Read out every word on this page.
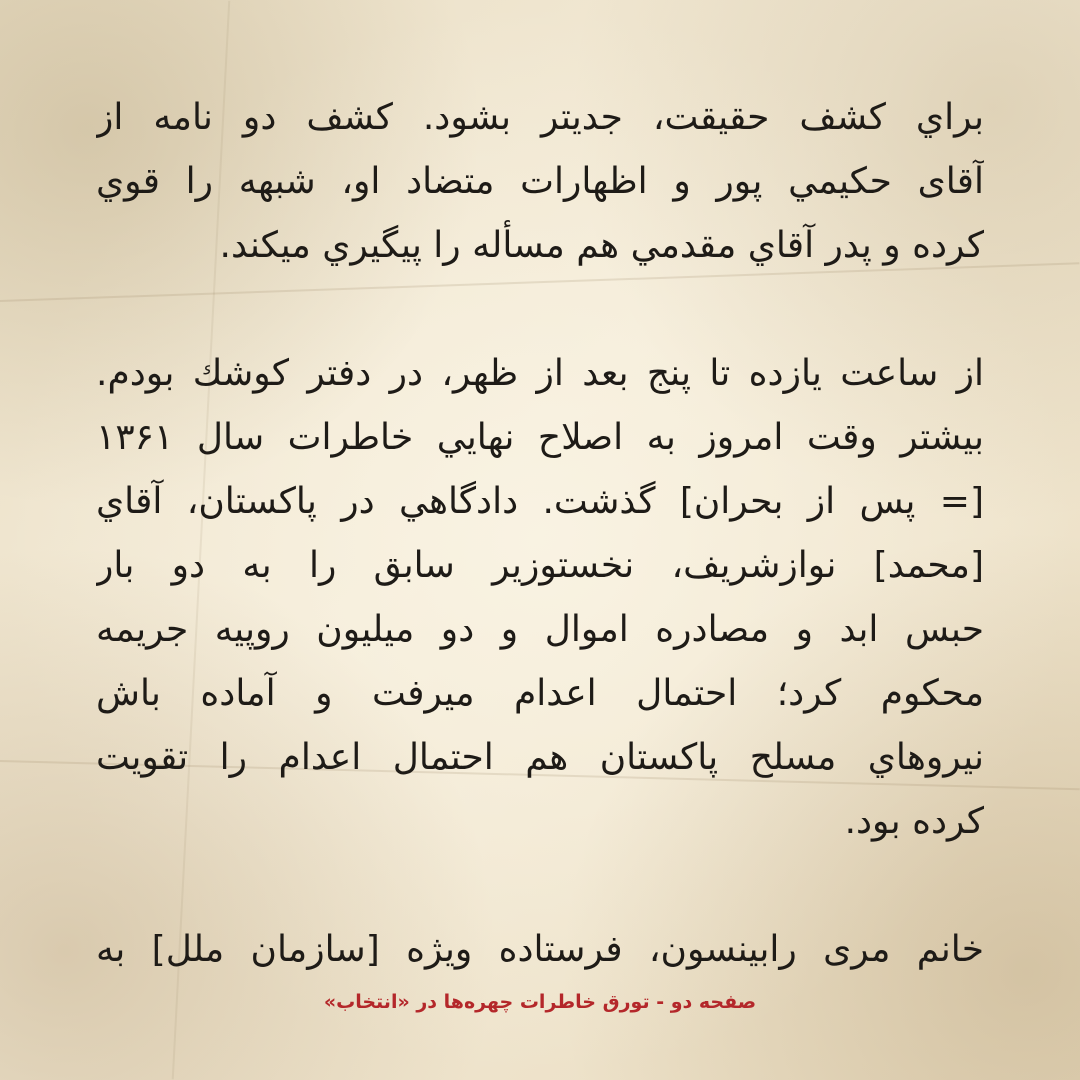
براي كشف حقيقت، جديتر بشود. كشف دو نامه از
آقای حكيمي پور و اظهارات متضاد او، شبهه را قوي
كرده و پدر آقاي مقدمي هم مسأله را پيگيري ميكند.
از ساعت یازده تا پنج بعد از ظهر، در دفتر كوشك بودم.
بيشتر وقت امروز به اصلاح نهايي خاطرات سال ۱۳۶۱
[= پس از بحران] گذشت. دادگاهي در پاكستان، آقاي
[محمد] نوازشريف، نخستوزير سابق را به دو بار
حبس ابد و مصادره اموال و دو ميليون روپيه جريمه
محكوم كرد؛ احتمال اعدام ميرفت و آماده باش
نيروهاي مسلح پاكستان هم احتمال اعدام را تقويت
كرده بود.
خانم مرى رابينسون، فرستاده ويژه [سازمان ملل] به
صفحه دو - تورق خاطرات چهره‌ها در «انتخاب»
